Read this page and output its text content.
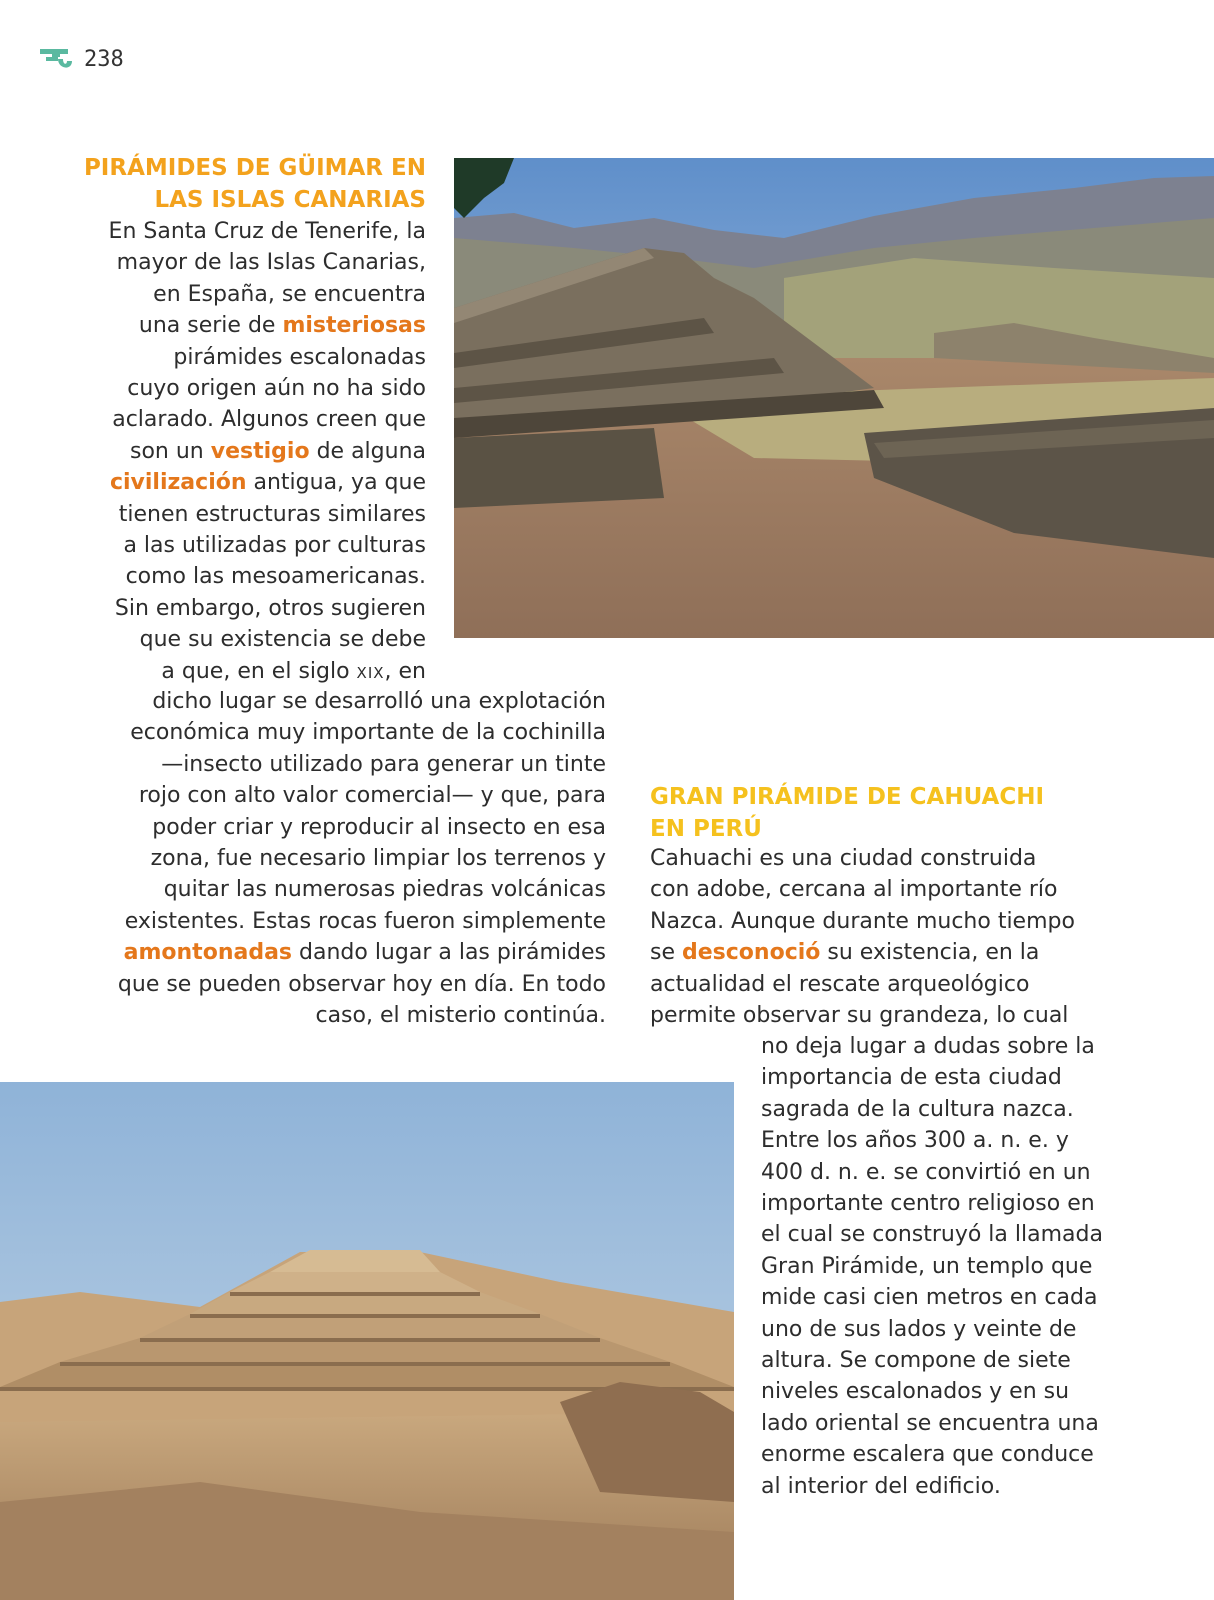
238
PIRÁMIDES DE GÜIMAR EN
LAS ISLAS CANARIAS
En Santa Cruz de Tenerife, la
mayor de las Islas Canarias,
en España, se encuentra
una serie de misteriosas
pirámides escalonadas
cuyo origen aún no ha sido
aclarado. Algunos creen que
son un vestigio de alguna
civilización antigua, ya que
tienen estructuras similares
a las utilizadas por culturas
como las mesoamericanas.
Sin embargo, otros sugieren
que su existencia se debe
a que, en el siglo XIX, en
dicho lugar se desarrolló una explotación
económica muy importante de la cochinilla
—insecto utilizado para generar un tinte
rojo con alto valor comercial— y que, para
poder criar y reproducir al insecto en esa
zona, fue necesario limpiar los terrenos y
quitar las numerosas piedras volcánicas
existentes. Estas rocas fueron simplemente
amontonadas dando lugar a las pirámides
que se pueden observar hoy en día. En todo
caso, el misterio continúa.
GRAN PIRÁMIDE DE CAHUACHI
EN PERÚ
Cahuachi es una ciudad construida
con adobe, cercana al importante río
Nazca. Aunque durante mucho tiempo
se desconoció su existencia, en la
actualidad el rescate arqueológico
permite observar su grandeza, lo cual
no deja lugar a dudas sobre la
importancia de esta ciudad
sagrada de la cultura nazca.
Entre los años 300 a. n. e. y
400 d. n. e. se convirtió en un
importante centro religioso en
el cual se construyó la llamada
Gran Pirámide, un templo que
mide casi cien metros en cada
uno de sus lados y veinte de
altura. Se compone de siete
niveles escalonados y en su
lado oriental se encuentra una
enorme escalera que conduce
al interior del edificio.
